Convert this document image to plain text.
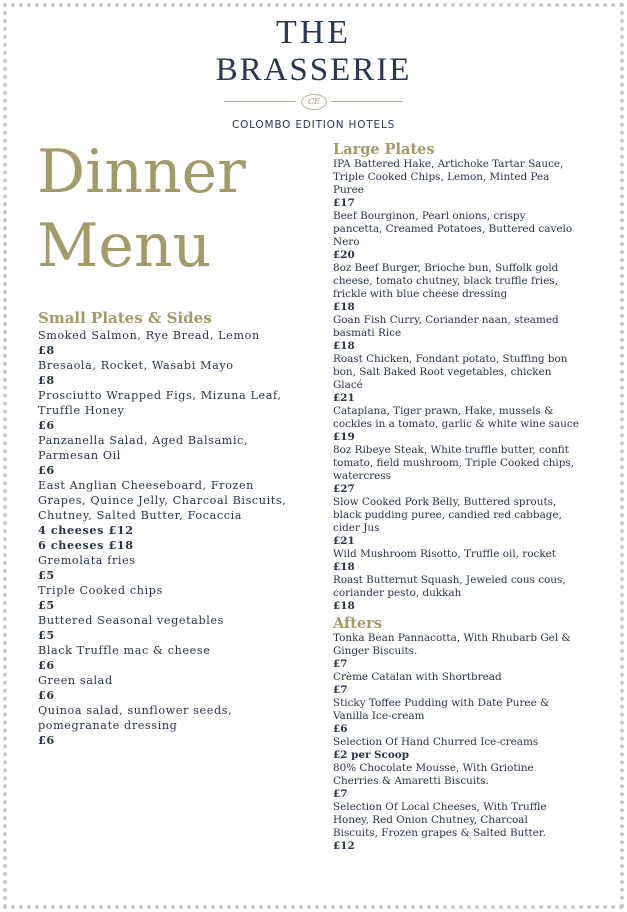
THE
BRASSERIE
CE
COLOMBO EDITION HOTELS
Dinner
Menu
Small Plates & Sides
Smoked Salmon, Rye Bread, Lemon
£8
Bresaola, Rocket, Wasabi Mayo
£8
Prosciutto Wrapped Figs, Mizuna Leaf,
Truffle Honey
£6
Panzanella Salad, Aged Balsamic,
Parmesan Oil
£6
East Anglian Cheeseboard, Frozen
Grapes, Quince Jelly, Charcoal Biscuits,
Chutney, Salted Butter, Focaccia
4 cheeses £12
6 cheeses £18
Gremolata fries
£5
Triple Cooked chips
£5
Buttered Seasonal vegetables
£5
Black Truffle mac & cheese
£6
Green salad
£6
Quinoa salad, sunflower seeds,
pomegranate dressing
£6
Large Plates
IPA Battered Hake, Artichoke Tartar Sauce,
Triple Cooked Chips, Lemon, Minted Pea
Puree
£17
Beef Bourginon, Pearl onions, crispy
pancetta, Creamed Potatoes, Buttered cavelo
Nero
£20
8oz Beef Burger, Brioche bun, Suffolk gold
cheese, tomato chutney, black truffle fries,
frickle with blue cheese dressing
£18
Goan Fish Curry, Coriander naan, steamed
basmati Rice
£18
Roast Chicken, Fondant potato, Stuffing bon
bon, Salt Baked Root vegetables, chicken
Glacé
£21
Cataplana, Tiger prawn, Hake, mussels &
cockles in a tomato, garlic & white wine sauce
£19
8oz Ribeye Steak, White truffle butter, confit
tomato, field mushroom, Triple Cooked chips,
watercress
£27
Slow Cooked Pork Belly, Buttered sprouts,
black pudding puree, candied red cabbage,
cider Jus
£21
Wild Mushroom Risotto, Truffle oil, rocket
£18
Roast Butternut Squash, Jeweled cous cous,
coriander pesto, dukkah
£18
Afters
Tonka Bean Pannacotta, With Rhubarb Gel &
Ginger Biscuits.
£7
Crème Catalan with Shortbread
£7
Sticky Toffee Pudding with Date Puree &
Vanilla Ice-cream
£6
Selection Of Hand Churred Ice-creams
£2 per Scoop
80% Chocolate Mousse, With Griotine
Cherries & Amaretti Biscuits.
£7
Selection Of Local Cheeses, With Truffle
Honey, Red Onion Chutney, Charcoal
Biscuits, Frozen grapes & Salted Butter.
£12
